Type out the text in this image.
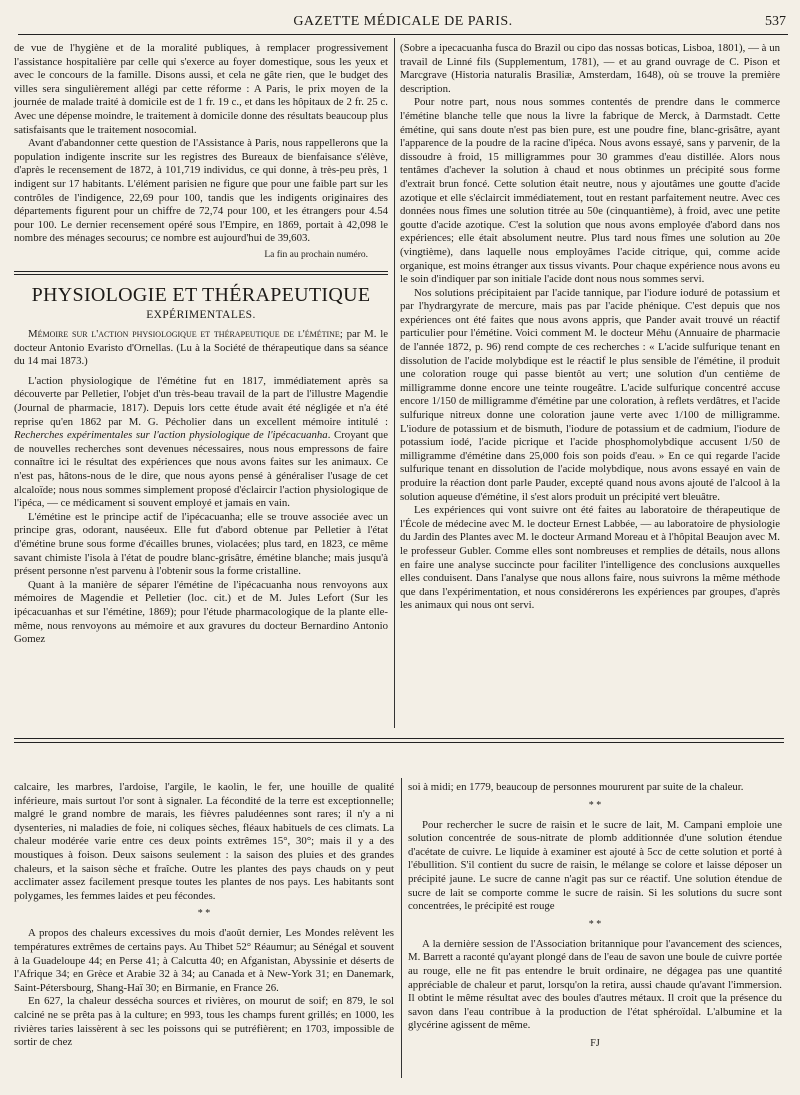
GAZETTE MÉDICALE DE PARIS.	537

de vue de l'hygiène et de la moralité publiques, à remplacer progressivement l'assistance hospitalière par celle qui s'exerce au foyer domestique, sous les yeux et avec le concours de la famille. Disons aussi, et cela ne gâte rien, que le budget des villes sera singulièrement allégi par cette réforme : A Paris, le prix moyen de la journée de malade traité à domicile est de 1 fr. 19 c., et dans les hôpitaux de 2 fr. 25 c. Avec une dépense moindre, le traitement à domicile donne des résultats beaucoup plus satisfaisants que le traitement nosocomial.

Avant d'abandonner cette question de l'Assistance à Paris, nous rappellerons que la population indigente inscrite sur les registres des Bureaux de bienfaisance s'élève, d'après le recensement de 1872, à 101,719 individus, ce qui donne, à très-peu près, 1 indigent sur 17 habitants. L'élément parisien ne figure que pour une faible part sur les contrôles de l'indigence, 22,69 pour 100, tandis que les indigents originaires des départements figurent pour un chiffre de 72,74 pour 100, et les étrangers pour 4.54 pour 100. Le dernier recensement opéré sous l'Empire, en 1869, portait à 42,098 le nombre des ménages secourus; ce nombre est aujourd'hui de 39,603.

La fin au prochain numéro.
PHYSIOLOGIE ET THÉRAPEUTIQUE
EXPÉRIMENTALES.

Mémoire sur l'action physiologique et thérapeutique de l'émétine; par M. le docteur Antonio Evaristo d'Ornellas. (Lu à la Société de thérapeutique dans sa séance du 14 mai 1873.)

L'action physiologique de l'émétine fut en 1817, immédiatement après sa découverte par Pelletier, l'objet d'un très-beau travail de la part de l'illustre Magendie (Journal de pharmacie, 1817). Depuis lors cette étude avait été négligée et n'a été reprise qu'en 1862 par M. G. Pécholier dans un excellent mémoire intitulé : Recherches expérimentales sur l'action physiologique de l'ipécacuanha. Croyant que de nouvelles recherches sont devenues nécessaires, nous nous empressons de faire connaître ici le résultat des expériences que nous avons faites sur les animaux. Ce n'est pas, hâtons-nous de le dire, que nous ayons pensé à généraliser l'usage de cet alcaloïde; nous nous sommes simplement proposé d'éclaircir l'action physiologique de l'ipéca, — ce médicament si souvent employé et jamais en vain.

L'émétine est le principe actif de l'ipécacuanha; elle se trouve associée avec un principe gras, odorant, nauséeux. Elle fut d'abord obtenue par Pelletier à l'état d'émétine brune sous forme d'écailles brunes, violacées; plus tard, en 1823, ce même savant chimiste l'isola à l'état de poudre blanc-grisâtre, émétine blanche; mais jusqu'à présent personne n'est parvenu à l'obtenir sous la forme cristalline.

Quant à la manière de séparer l'émétine de l'ipécacuanha nous renvoyons aux mémoires de Magendie et Pelletier (loc. cit.) et de M. Jules Lefort (Sur les ipécacuanhas et sur l'émétine, 1869); pour l'étude pharmacologique de la plante elle-même, nous renvoyons au mémoire et aux gravures du docteur Bernardino Antonio Gomez

(Sobre a ipecacuanha fusca do Brazil ou cipo das nossas boticas, Lisboa, 1801), — à un travail de Linné fils (Supplementum, 1781), — et au grand ouvrage de C. Pison et Marcgrave (Historia naturalis Brasiliæ, Amsterdam, 1648), où se trouve la première description.

Pour notre part, nous nous sommes contentés de prendre dans le commerce l'émétine blanche telle que nous la livre la fabrique de Merck, à Darmstadt. Cette émétine, qui sans doute n'est pas bien pure, est une poudre fine, blanc-grisâtre, ayant l'apparence de la poudre de la racine d'ipéca. Nous avons essayé, sans y parvenir, de la dissoudre à froid, 15 milligrammes pour 30 grammes d'eau distillée. Alors nous tentâmes d'achever la solution à chaud et nous obtinmes un précipité sous forme d'extrait brun foncé. Cette solution était neutre, nous y ajoutâmes une goutte d'acide azotique et elle s'éclaircit immédiatement, tout en restant parfaitement neutre. Avec ces données nous fîmes une solution titrée au 50e (cinquantième), à froid, avec une petite goutte d'acide azotique. C'est la solution que nous avons employée d'abord dans nos expériences; elle était absolument neutre. Plus tard nous fîmes une solution au 20e (vingtième), dans laquelle nous employâmes l'acide citrique, qui, comme acide organique, est moins étranger aux tissus vivants. Pour chaque expérience nous avons eu le soin d'indiquer par son initiale l'acide dont nous nous sommes servi.

Nos solutions précipitaient par l'acide tannique, par l'iodure ioduré de potassium et par l'hydrargyrate de mercure, mais pas par l'acide phénique. C'est depuis que nos expériences ont été faites que nous avons appris, que Pander avait trouvé un réactif particulier pour l'émétine. Voici comment M. le docteur Méhu (Annuaire de pharmacie de l'année 1872, p. 96) rend compte de ces recherches : « L'acide sulfurique tenant en dissolution de l'acide molybdique est le réactif le plus sensible de l'émétine, il produit une coloration rouge qui passe bientôt au vert; une solution d'un centième de milligramme donne encore une teinte rougeâtre. L'acide sulfurique concentré accuse encore 1/150 de milligramme d'émétine par une coloration, à reflets verdâtres, et l'acide sulfurique nitreux donne une coloration jaune verte avec 1/100 de milligramme. L'iodure de potassium et de bismuth, l'iodure de potassium et de cadmium, l'iodure de potassium iodé, l'acide picrique et l'acide phosphomolybdique accusent 1/50 de milligramme d'émétine dans 25,000 fois son poids d'eau. » En ce qui regarde l'acide sulfurique tenant en dissolution de l'acide molybdique, nous avons essayé en vain de produire la réaction dont parle Pauder, excepté quand nous avons ajouté de l'alcool à la solution aqueuse d'émétine, il s'est alors produit un précipité vert bleuâtre.

Les expériences qui vont suivre ont été faites au laboratoire de thérapeutique de l'École de médecine avec M. le docteur Ernest Labbée, — au laboratoire de physiologie du Jardin des Plantes avec M. le docteur Armand Moreau et à l'hôpital Beaujon avec M. le professeur Gubler. Comme elles sont nombreuses et remplies de détails, nous allons en faire une analyse succincte pour faciliter l'intelligence des conclusions auxquelles elles conduisent. Dans l'analyse que nous allons faire, nous suivrons la même méthode que dans l'expérimentation, et nous considérerons les expériences par groupes, d'après les animaux qui nous ont servi.

calcaire, les marbres, l'ardoise, l'argile, le kaolin, le fer, une houille de qualité inférieure, mais surtout l'or sont à signaler. La fécondité de la terre est exceptionnelle; malgré le grand nombre de marais, les fièvres paludéennes sont rares; il n'y a ni dysenteries, ni maladies de foie, ni coliques sèches, fléaux habituels de ces climats. La chaleur modérée varie entre ces deux points extrêmes 15°, 30°; mais il y a des moustiques à foison. Deux saisons seulement : la saison des pluies et des grandes chaleurs, et la saison sèche et fraîche. Outre les plantes des pays chauds on y peut acclimater assez facilement presque toutes les plantes de nos pays. Les habitants sont polygames, les femmes laides et peu fécondes.

* *

A propos des chaleurs excessives du mois d'août dernier, Les Mondes relèvent les températures extrêmes de certains pays. Au Thibet 52° Réaumur; au Sénégal et souvent à la Guadeloupe 44; en Perse 41; à Calcutta 40; en Afganistan, Abyssinie et déserts de l'Afrique 34; en Grèce et Arabie 32 à 34; au Canada et à New-York 31; en Danemark, Saint-Pétersbourg, Shang-Haï 30; en Birmanie, en France 26.

En 627, la chaleur dessécha sources et rivières, on mourut de soif; en 879, le sol calciné ne se prêta pas à la culture; en 993, tous les champs furent grillés; en 1000, les rivières taries laissèrent à sec les poissons qui se putréfièrent; en 1703, impossible de sortir de chez

soi à midi; en 1779, beaucoup de personnes moururent par suite de la chaleur.

* *

Pour rechercher le sucre de raisin et le sucre de lait, M. Campani emploie une solution concentrée de sous-nitrate de plomb additionnée d'une solution étendue d'acétate de cuivre. Le liquide à examiner est ajouté à 5cc de cette solution et porté à l'ébullition. S'il contient du sucre de raisin, le mélange se colore et laisse déposer un précipité jaune. Le sucre de canne n'agit pas sur ce réactif. Une solution étendue de sucre de lait se comporte comme le sucre de raisin. Si les solutions du sucre sont concentrées, le précipité est rouge

* *

A la dernière session de l'Association britannique pour l'avancement des sciences, M. Barrett a raconté qu'ayant plongé dans de l'eau de savon une boule de cuivre portée au rouge, elle ne fit pas entendre le bruit ordinaire, ne dégagea pas une quantité appréciable de chaleur et parut, lorsqu'on la retira, aussi chaude qu'avant l'immersion. Il obtint le même résultat avec des boules d'autres métaux. Il croit que la présence du savon dans l'eau contribue à la production de l'état sphéroïdal. L'albumine et la glycérine agissent de même.

FJ
